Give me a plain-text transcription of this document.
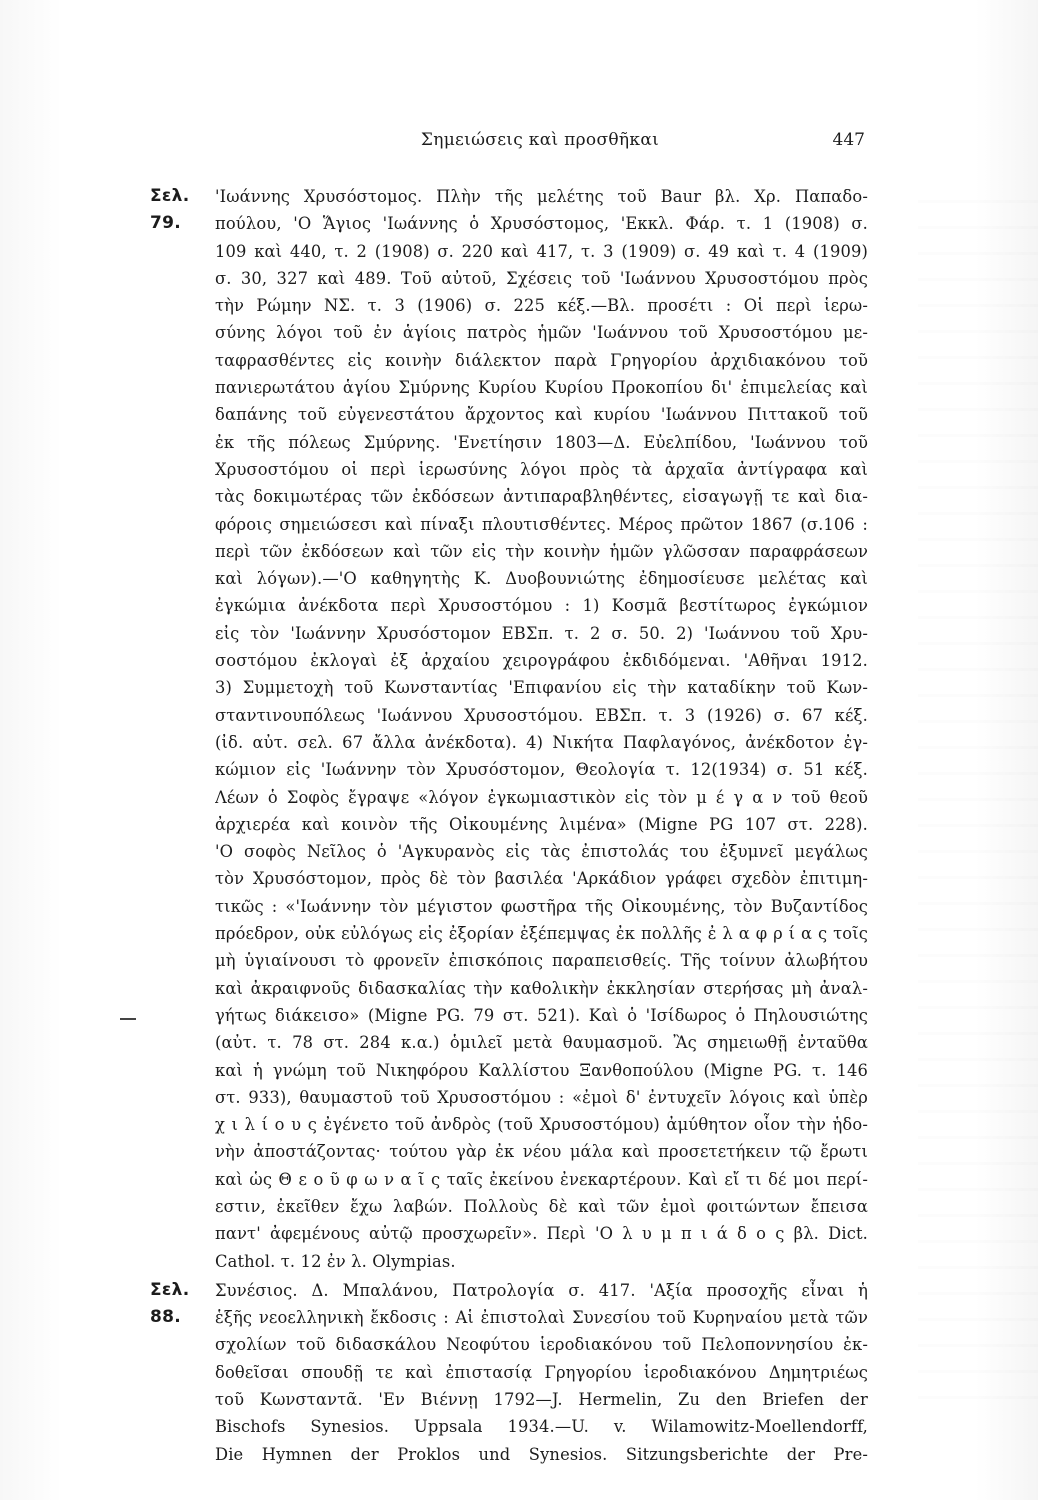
Σημειώσεις καὶ προσθῆκαι	447
Σελ. 79.
'Ιωάννης Χρυσόστομος. Πλὴν τῆς μελέτης τοῦ Baur βλ. Χρ. Παπαδο-
πούλου, 'Ο Ἅγιος 'Ιωάννης ὁ Χρυσόστομος, 'Εκκλ. Φάρ. τ. 1 (1908) σ.
109 καὶ 440, τ. 2 (1908) σ. 220 καὶ 417, τ. 3 (1909) σ. 49 καὶ τ. 4 (1909)
σ. 30, 327 καὶ 489. Τοῦ αὐτοῦ, Σχέσεις τοῦ 'Ιωάννου Χρυσοστόμου πρὸς
τὴν Ρώμην ΝΣ. τ. 3 (1906) σ. 225 κέξ.—Βλ. προσέτι : Οἱ περὶ ἱερω-
σύνης λόγοι τοῦ ἐν ἁγίοις πατρὸς ἡμῶν 'Ιωάννου τοῦ Χρυσοστόμου με-
ταφρασθέντες εἰς κοινὴν διάλεκτον παρὰ Γρηγορίου ἀρχιδιακόνου τοῦ
πανιερωτάτου ἁγίου Σμύρνης Κυρίου Κυρίου Προκοπίου δι' ἐπιμελείας καὶ
δαπάνης τοῦ εὐγενεστάτου ἄρχοντος καὶ κυρίου 'Ιωάννου Πιττακοῦ τοῦ
ἐκ τῆς πόλεως Σμύρνης. 'Ενετίησιν 1803—Δ. Εὐελπίδου, 'Ιωάννου τοῦ
Χρυσοστόμου οἱ περὶ ἱερωσύνης λόγοι πρὸς τὰ ἀρχαῖα ἀντίγραφα καὶ
τὰς δοκιμωτέρας τῶν ἐκδόσεων ἀντιπαραβληθέντες, εἰσαγωγῇ τε καὶ δια-
φόροις σημειώσεσι καὶ πίναξι πλουτισθέντες. Μέρος πρῶτον 1867 (σ.106 :
περὶ τῶν ἐκδόσεων καὶ τῶν εἰς τὴν κοινὴν ἡμῶν γλῶσσαν παραφράσεων
καὶ λόγων).—'Ο καθηγητὴς Κ. Δυοβουνιώτης ἐδημοσίευσε μελέτας καὶ
ἐγκώμια ἀνέκδοτα περὶ Χρυσοστόμου : 1) Κοσμᾶ βεστίτωρος ἐγκώμιον
εἰς τὸν 'Ιωάννην Χρυσόστομον ΕΒΣπ. τ. 2 σ. 50. 2) 'Ιωάννου τοῦ Χρυ-
σοστόμου ἐκλογαὶ ἐξ ἀρχαίου χειρογράφου ἐκδιδόμεναι. 'Αθῆναι 1912.
3) Συμμετοχὴ τοῦ Κωνσταντίας 'Επιφανίου εἰς τὴν καταδίκην τοῦ Κων-
σταντινουπόλεως 'Ιωάννου Χρυσοστόμου. ΕΒΣπ. τ. 3 (1926) σ. 67 κέξ.
(ἰδ. αὐτ. σελ. 67 ἄλλα ἀνέκδοτα). 4) Νικήτα Παφλαγόνος, ἀνέκδοτον ἐγ-
κώμιον εἰς 'Ιωάννην τὸν Χρυσόστομον, Θεολογία τ. 12(1934) σ. 51 κέξ.
Λέων ὁ Σοφὸς ἔγραψε «λόγον ἐγκωμιαστικὸν εἰς τὸν μ έ γ α ν τοῦ θεοῦ
ἀρχιερέα καὶ κοινὸν τῆς Οἰκουμένης λιμένα» (Migne PG 107 στ. 228).
'Ο σοφὸς Νεῖλος ὁ 'Αγκυρανὸς εἰς τὰς ἐπιστολάς του ἐξυμνεῖ μεγάλως
τὸν Χρυσόστομον, πρὸς δὲ τὸν βασιλέα 'Αρκάδιον γράφει σχεδὸν ἐπιτιμη-
τικῶς : «'Ιωάννην τὸν μέγιστον φωστῆρα τῆς Οἰκουμένης, τὸν Βυζαντίδος
πρόεδρον, οὐκ εὐλόγως εἰς ἐξορίαν ἐξέπεμψας ἐκ πολλῆς ἐ λ α φ ρ ί α ς τοῖς
μὴ ὑγιαίνουσι τὸ φρονεῖν ἐπισκόποις παραπεισθείς. Τῆς τοίνυν ἀλωβήτου
καὶ ἀκραιφνοῦς διδασκαλίας τὴν καθολικὴν ἐκκλησίαν στερήσας μὴ ἀναλ-
γήτως διάκεισο» (Migne PG. 79 στ. 521). Καὶ ὁ 'Ισίδωρος ὁ Πηλουσιώτης
(αὐτ. τ. 78 στ. 284 κ.α.) ὁμιλεῖ μετὰ θαυμασμοῦ. Ἂς σημειωθῇ ἐνταῦθα
καὶ ἡ γνώμη τοῦ Νικηφόρου Καλλίστου Ξανθοπούλου (Migne PG. τ. 146
στ. 933), θαυμαστοῦ τοῦ Χρυσοστόμου : «ἐμοὶ δ' ἐντυχεῖν λόγοις καὶ ὑπὲρ
χ ι λ ί ο υ ς ἐγένετο τοῦ ἀνδρὸς (τοῦ Χρυσοστόμου) ἀμύθητον οἷον τὴν ἡδο-
νὴν ἀποστάζοντας· τούτου γὰρ ἐκ νέου μάλα καὶ προσετετήκειν τῷ ἔρωτι
καὶ ὡς Θ ε ο ῦ φ ω ν α ῖ ς ταῖς ἐκείνου ἐνεκαρτέρουν. Καὶ εἴ τι δέ μοι περί-
εστιν, ἐκεῖθεν ἔχω λαβών. Πολλοὺς δὲ καὶ τῶν ἐμοὶ φοιτώντων ἔπεισα
παντ' ἀφεμένους αὐτῷ προσχωρεῖν». Περὶ 'Ο λ υ μ π ι ά δ ο ς βλ. Dict.
Cathol. τ. 12 ἐν λ. Olympias.
Σελ. 88.
Συνέσιος. Δ. Μπαλάνου, Πατρολογία σ. 417. 'Αξία προσοχῆς εἶναι ἡ
ἑξῆς νεοελληνικὴ ἔκδοσις : Αἱ ἐπιστολαὶ Συνεσίου τοῦ Κυρηναίου μετὰ τῶν
σχολίων τοῦ διδασκάλου Νεοφύτου ἱεροδιακόνου τοῦ Πελοποννησίου ἐκ-
δοθεῖσαι σπουδῇ τε καὶ ἐπιστασίᾳ Γρηγορίου ἱεροδιακόνου Δημητριέως
τοῦ Κωνσταντᾶ. 'Εν Βιέννῃ 1792—J. Hermelin, Zu den Briefen der
Bischofs Synesios. Uppsala 1934.—U. v. Wilamowitz-Moellendorff,
Die Hymnen der Proklos und Synesios. Sitzungsberichte der Pre-
